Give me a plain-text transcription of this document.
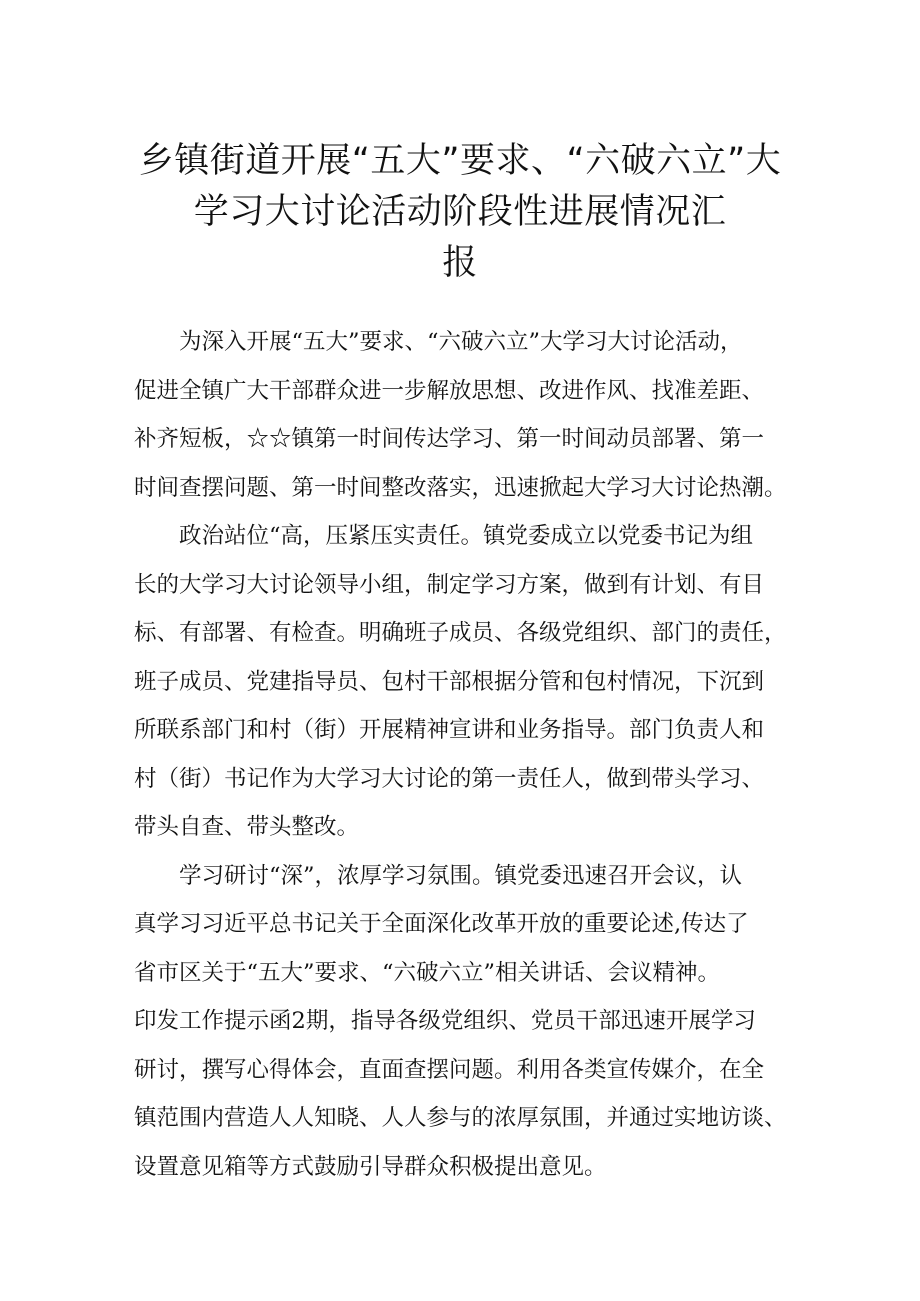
乡镇街道开展“五大”要求、“六破六立”大
学习大讨论活动阶段性进展情况汇
报
　　为深入开展“五大”要求、“六破六立”大学习大讨论活动，
促进全镇广大干部群众进一步解放思想、改进作风、找准差距、
补齐短板，☆☆镇第一时间传达学习、第一时间动员部署、第一
时间查摆问题、第一时间整改落实，迅速掀起大学习大讨论热潮。
　　政治站位“高，压紧压实责任。镇党委成立以党委书记为组
长的大学习大讨论领导小组，制定学习方案，做到有计划、有目
标、有部署、有检查。明确班子成员、各级党组织、部门的责任，
班子成员、党建指导员、包村干部根据分管和包村情况，下沉到
所联系部门和村（街）开展精神宣讲和业务指导。部门负责人和
村（街）书记作为大学习大讨论的第一责任人，做到带头学习、
带头自查、带头整改。
　　学习研讨“深”，浓厚学习氛围。镇党委迅速召开会议，认
真学习习近平总书记关于全面深化改革开放的重要论述,传达了
省市区关于“五大”要求、“六破六立”相关讲话、会议精神。
印发工作提示函2期，指导各级党组织、党员干部迅速开展学习
研讨，撰写心得体会，直面查摆问题。利用各类宣传媒介，在全
镇范围内营造人人知晓、人人参与的浓厚氛围，并通过实地访谈、
设置意见箱等方式鼓励引导群众积极提出意见。
